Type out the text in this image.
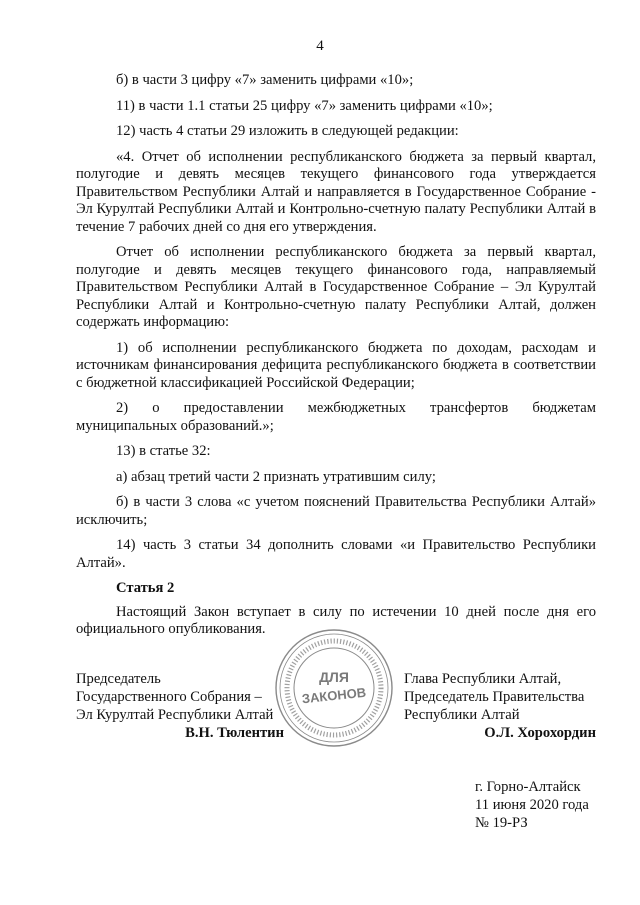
4

б) в части 3 цифру «7» заменить цифрами «10»;

11) в части 1.1 статьи 25 цифру «7» заменить цифрами «10»;

12) часть 4 статьи 29 изложить в следующей редакции:

«4. Отчет об исполнении республиканского бюджета за первый квартал, полугодие и девять месяцев текущего финансового года утверждается Правительством Республики Алтай и направляется в Государственное Собрание - Эл Курултай Республики Алтай и Контрольно-счетную палату Республики Алтай в течение 7 рабочих дней со дня его утверждения.

Отчет об исполнении республиканского бюджета за первый квартал, полугодие и девять месяцев текущего финансового года, направляемый Правительством Республики Алтай в Государственное Собрание – Эл Курултай Республики Алтай и Контрольно-счетную палату Республики Алтай, должен содержать информацию:

1) об исполнении республиканского бюджета по доходам, расходам и источникам финансирования дефицита республиканского бюджета в соответствии с бюджетной классификацией Российской Федерации;

2) о предоставлении межбюджетных трансфертов бюджетам муниципальных образований.»;

13) в статье 32:

а) абзац третий части 2 признать утратившим силу;

б) в части 3 слова «с учетом пояснений Правительства Республики Алтай» исключить;

14) часть 3 статьи 34 дополнить словами «и Правительство Республики Алтай».

Статья 2

Настоящий Закон вступает в силу по истечении 10 дней после дня его официального опубликования.

Председатель
Государственного Собрания –
Эл Курултай Республики Алтай
В.Н. Тюлентин
Глава Республики Алтай,
Председатель Правительства
Республики Алтай
О.Л. Хорохордин
ДЛЯ
ЗАКОНОВ
г. Горно-Алтайск
11 июня 2020 года
№ 19-РЗ
